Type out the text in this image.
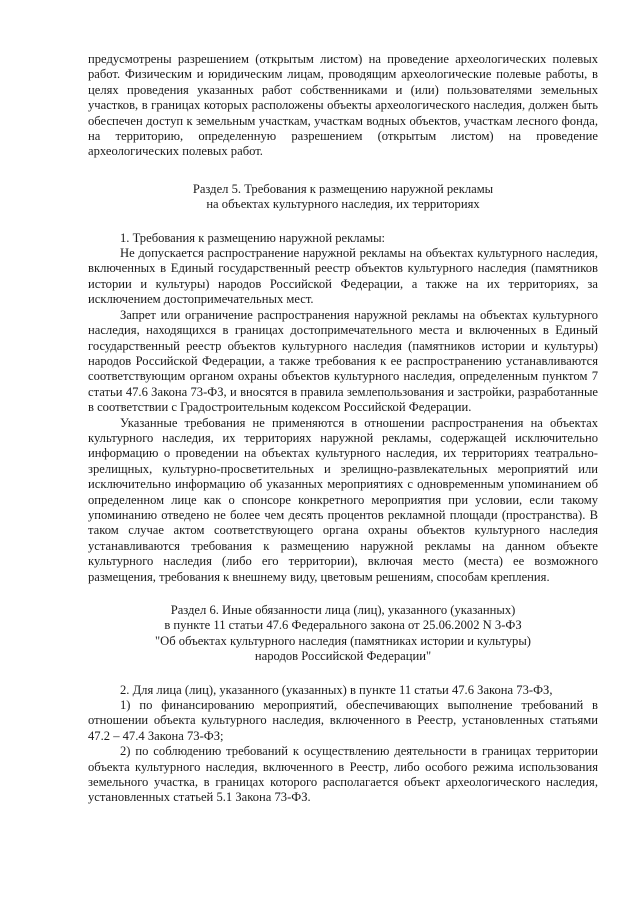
предусмотрены разрешением (открытым листом) на проведение археологических полевых работ. Физическим и юридическим лицам, проводящим археологические полевые работы, в целях проведения указанных работ собственниками и (или) пользователями земельных участков, в границах которых расположены объекты археологического наследия, должен быть обеспечен доступ к земельным участкам, участкам водных объектов, участкам лесного фонда, на территорию, определенную разрешением (открытым листом) на проведение археологических полевых работ.

Раздел 5. Требования к размещению наружной рекламы

на объектах культурного наследия, их территориях

1. Требования к размещению наружной рекламы:

Не допускается распространение наружной рекламы на объектах культурного наследия, включенных в Единый государственный реестр объектов культурного наследия (памятников истории и культуры) народов Российской Федерации, а также на их территориях, за исключением достопримечательных мест.

Запрет или ограничение распространения наружной рекламы на объектах культурного наследия, находящихся в границах достопримечательного места и включенных в Единый государственный реестр объектов культурного наследия (памятников истории и культуры) народов Российской Федерации, а также требования к ее распространению устанавливаются соответствующим органом охраны объектов культурного наследия, определенным пунктом 7 статьи 47.6 Закона 73-ФЗ, и вносятся в правила землепользования и застройки, разработанные в соответствии с Градостроительным кодексом Российской Федерации.

Указанные требования не применяются в отношении распространения на объектах культурного наследия, их территориях наружной рекламы, содержащей исключительно информацию о проведении на объектах культурного наследия, их территориях театрально-зрелищных, культурно-просветительных и зрелищно-развлекательных мероприятий или исключительно информацию об указанных мероприятиях с одновременным упоминанием об определенном лице как о спонсоре конкретного мероприятия при условии, если такому упоминанию отведено не более чем десять процентов рекламной площади (пространства). В таком случае актом соответствующего органа охраны объектов культурного наследия устанавливаются требования к размещению наружной рекламы на данном объекте культурного наследия (либо его территории), включая место (места) ее возможного размещения, требования к внешнему виду, цветовым решениям, способам крепления.

Раздел 6. Иные обязанности лица (лиц), указанного (указанных)

в пункте 11 статьи 47.6 Федерального закона от 25.06.2002 N 3-ФЗ

"Об объектах культурного наследия (памятниках истории и культуры)

народов Российской Федерации"

2. Для лица (лиц), указанного (указанных) в пункте 11 статьи 47.6 Закона 73-ФЗ,

1) по финансированию мероприятий, обеспечивающих выполнение требований в отношении объекта культурного наследия, включенного в Реестр, установленных статьями 47.2 – 47.4 Закона 73-ФЗ;

2) по соблюдению требований к осуществлению деятельности в границах территории объекта культурного наследия, включенного в Реестр, либо особого режима использования земельного участка, в границах которого располагается объект археологического наследия, установленных статьей 5.1 Закона 73-ФЗ.
